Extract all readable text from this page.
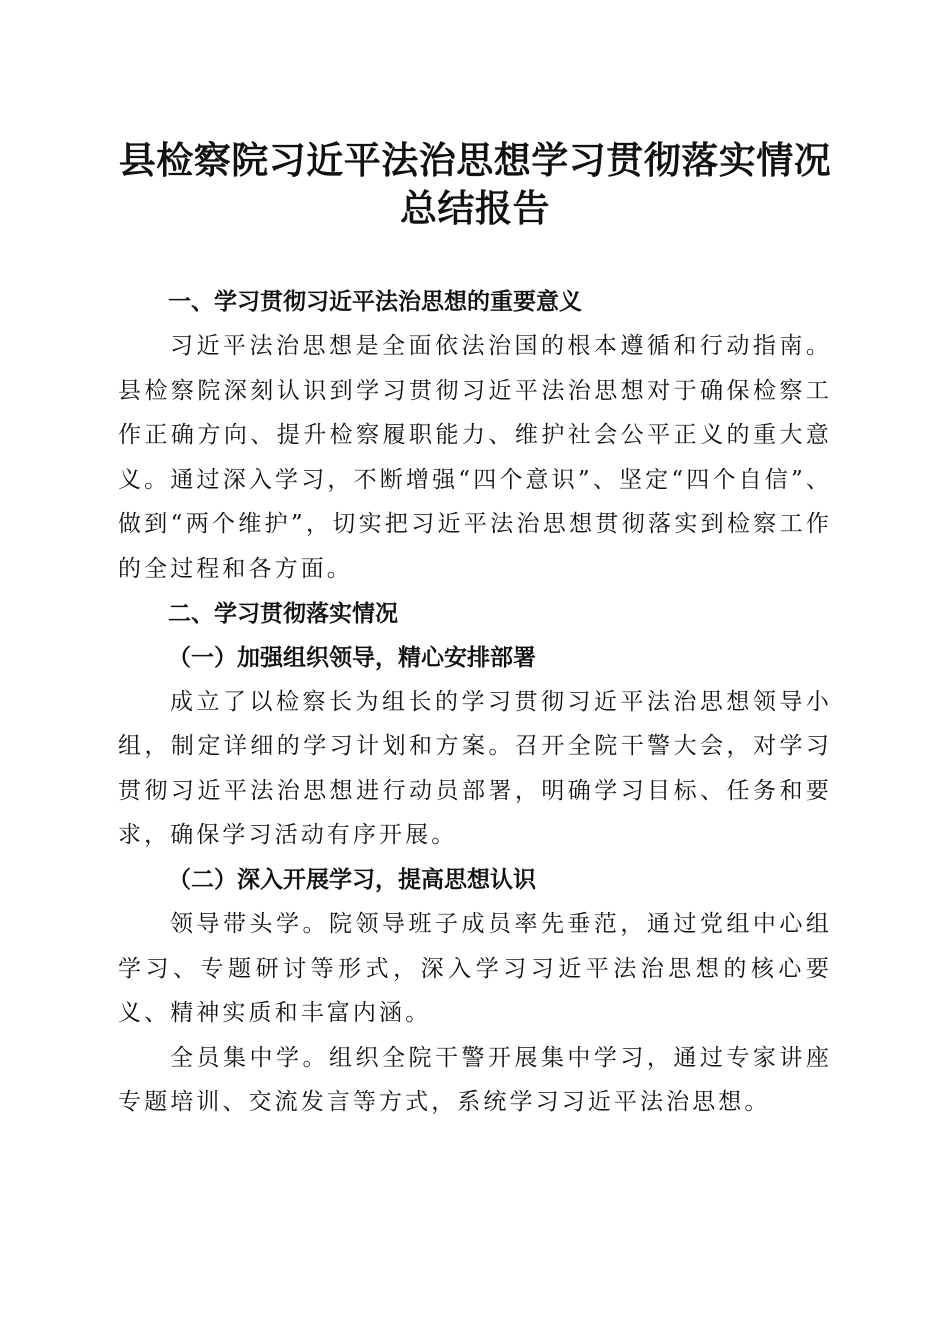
县检察院习近平法治思想学习贯彻落实情况总结报告

一、学习贯彻习近平法治思想的重要意义

习近平法治思想是全面依法治国的根本遵循和行动指南。县检察院深刻认识到学习贯彻习近平法治思想对于确保检察工作正确方向、提升检察履职能力、维护社会公平正义的重大意义。通过深入学习，不断增强“四个意识”、坚定“四个自信”、做到“两个维护”，切实把习近平法治思想贯彻落实到检察工作的全过程和各方面。

二、学习贯彻落实情况

（一）加强组织领导，精心安排部署

成立了以检察长为组长的学习贯彻习近平法治思想领导小组，制定详细的学习计划和方案。召开全院干警大会，对学习贯彻习近平法治思想进行动员部署，明确学习目标、任务和要求，确保学习活动有序开展。

（二）深入开展学习，提高思想认识

领导带头学。院领导班子成员率先垂范，通过党组中心组学习、专题研讨等形式，深入学习习近平法治思想的核心要义、精神实质和丰富内涵。

全员集中学。组织全院干警开展集中学习，通过专家讲座专题培训、交流发言等方式，系统学习习近平法治思想。
